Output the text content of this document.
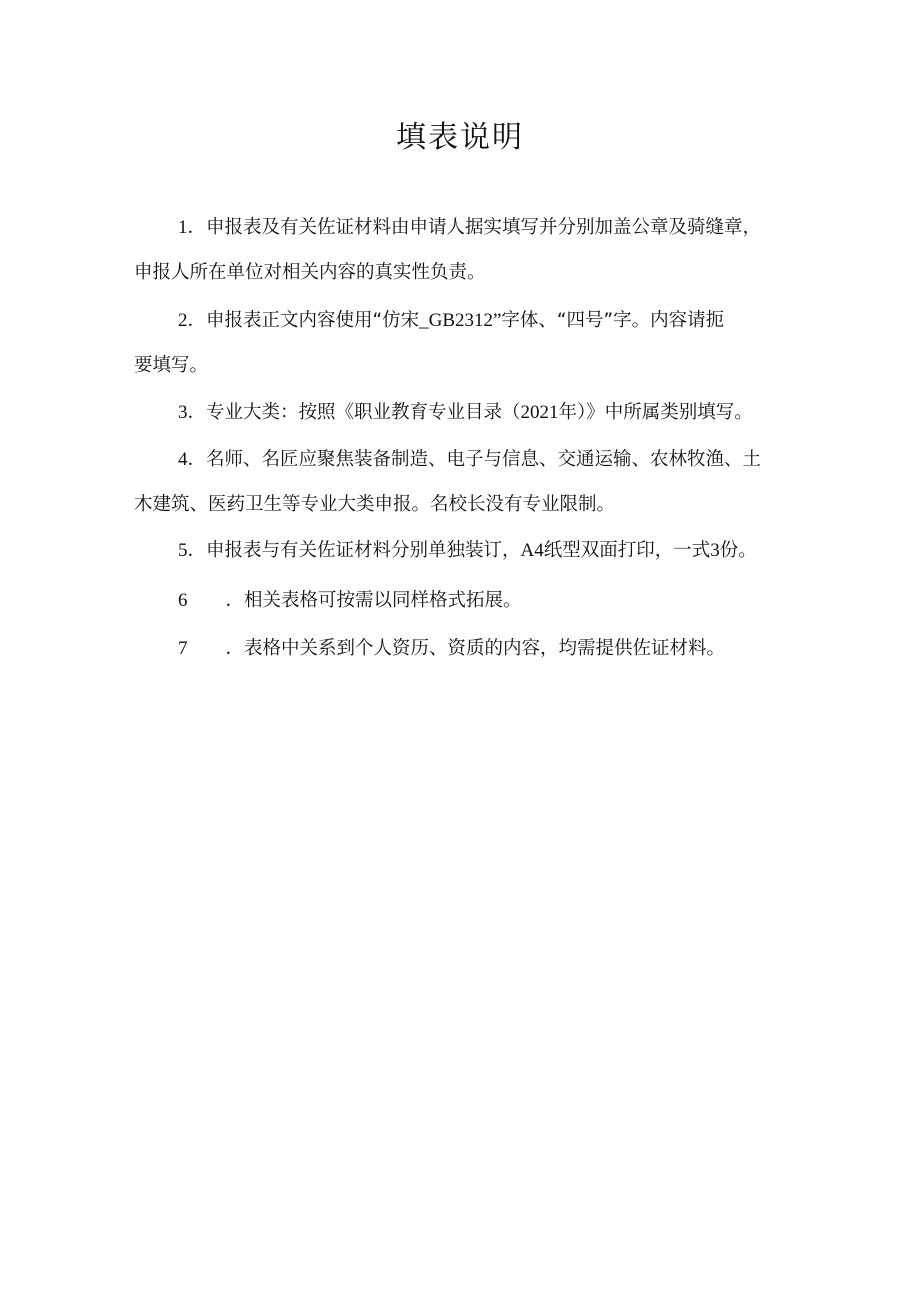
填表说明

1．申报表及有关佐证材料由申请人据实填写并分别加盖公章及骑缝章，

申报人所在单位对相关内容的真实性负责。

2．申报表正文内容使用“仿宋_GB2312”字体、“四号”字。内容请扼

要填写。

3．专业大类：按照《职业教育专业目录（2021年）》中所属类别填写。

4．名师、名匠应聚焦装备制造、电子与信息、交通运输、农林牧渔、土

木建筑、医药卫生等专业大类申报。名校长没有专业限制。

5．申报表与有关佐证材料分别单独装订，A4纸型双面打印，一式3份。

6 ．相关表格可按需以同样格式拓展。

7 ．表格中关系到个人资历、资质的内容，均需提供佐证材料。
